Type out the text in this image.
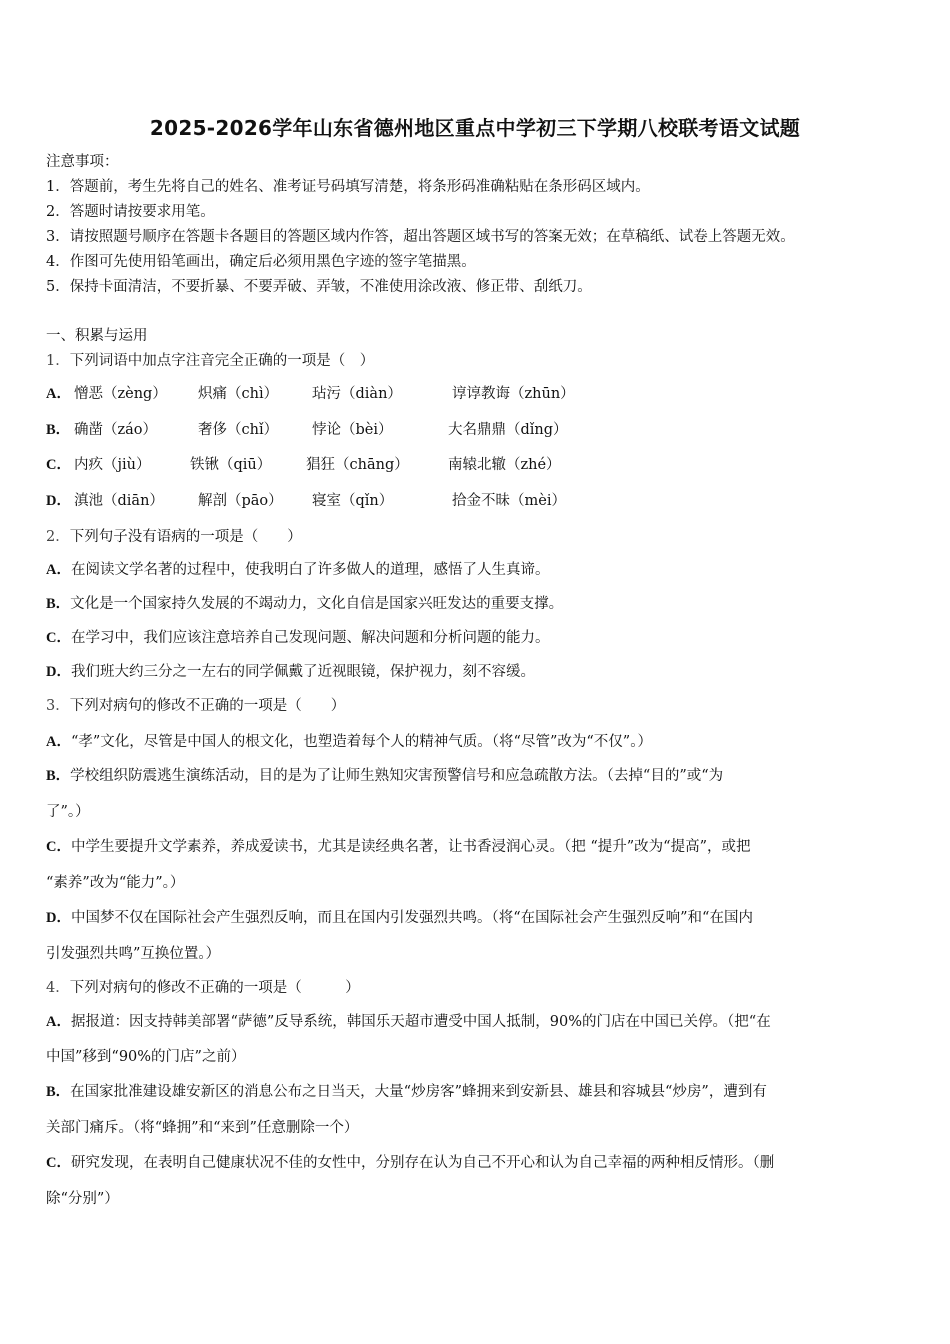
2025-2026学年山东省德州地区重点中学初三下学期八校联考语文试题
注意事项：
1．答题前，考生先将自己的姓名、准考证号码填写清楚，将条形码准确粘贴在条形码区域内。
2．答题时请按要求用笔。
3．请按照题号顺序在答题卡各题目的答题区域内作答，超出答题区域书写的答案无效；在草稿纸、试卷上答题无效。
4．作图可先使用铅笔画出，确定后必须用黑色字迹的签字笔描黑。
5．保持卡面清洁，不要折暴、不要弄破、弄皱，不准使用涂改液、修正带、刮纸刀。
一、积累与运用
1．下列词语中加点字注音完全正确的一项是（　）
A． 憎恶（zèng） 炽痛（chì） 玷污（diàn）	谆谆教诲（zhūn）
B． 确凿（záo）	奢侈（chǐ） 悖论（bèi）	大名鼎鼎（dǐng）
C． 内疚（jiù）	铁锹（qiū） 猖狂（chāng）	南辕北辙（zhé）
D． 滇池（diān） 解剖（pāo） 寝室（qǐn）	拾金不昧（mèi）
2．下列句子没有语病的一项是（　　）
A．在阅读文学名著的过程中，使我明白了许多做人的道理，感悟了人生真谛。
B．文化是一个国家持久发展的不竭动力，文化自信是国家兴旺发达的重要支撑。
C．在学习中，我们应该注意培养自己发现问题、解决问题和分析问题的能力。
D．我们班大约三分之一左右的同学佩戴了近视眼镜，保护视力，刻不容缓。
3．下列对病句的修改不正确的一项是（　　）
A．“孝”文化，尽管是中国人的根文化，也塑造着每个人的精神气质。（将“尽管”改为“不仅”。）
B．学校组织防震逃生演练活动，目的是为了让师生熟知灾害预警信号和应急疏散方法。（去掉“目的”或“为
了”。）
C．中学生要提升文学素养，养成爱读书，尤其是读经典名著，让书香浸润心灵。（把 “提升”改为“提高”，或把
“素养”改为“能力”。）
D．中国梦不仅在国际社会产生强烈反响，而且在国内引发强烈共鸣。（将“在国际社会产生强烈反响”和“在国内
引发强烈共鸣”互换位置。）
4．下列对病句的修改不正确的一项是（　　　）
A．据报道：因支持韩美部署“萨德”反导系统，韩国乐天超市遭受中国人抵制，90%的门店在中国已关停。（把“在
中国”移到“90%的门店”之前）
B．在国家批准建设雄安新区的消息公布之日当天，大量“炒房客”蜂拥来到安新县、雄县和容城县“炒房”，遭到有
关部门痛斥。（将“蜂拥”和“来到”任意删除一个）
C．研究发现，在表明自己健康状况不佳的女性中，分别存在认为自己不开心和认为自己幸福的两种相反情形。（删
除“分别”）
